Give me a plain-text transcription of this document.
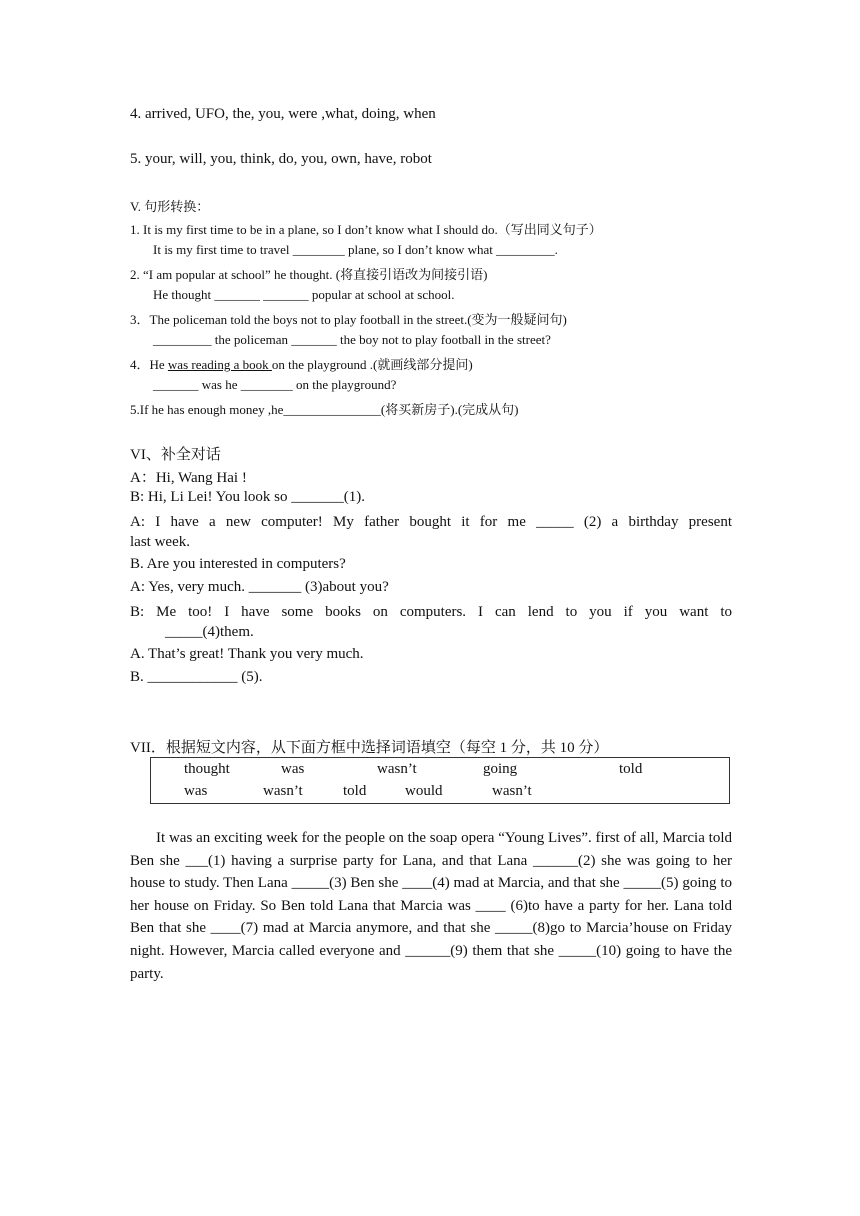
4. arrived, UFO, the, you, were ,what, doing, when
5. your, will, you, think, do, you, own, have, robot
V. 句形转换：
1. It is my first time to be in a plane, so I don’t know what I should do.（写出同义句子）
It is my first time to travel ________ plane, so I don’t know what _________.
2. “I am popular at school” he thought. (将直接引语改为间接引语)
He thought _______ _______ popular at school at school.
3．The policeman told the boys not to play football in the street.(变为一般疑问句)
_________ the policeman _______ the boy not to play football in the street?
4．He was reading a book on the playground .(就画线部分提问)
_______ was he ________ on the playground?
5.If he has enough money ,he_______________(将买新房子).(完成从句)
VI、补全对话
A：Hi, Wang Hai !
B: Hi, Li Lei! You look so _______(1).
A: I have a new computer! My father bought it for me _____ (2) a birthday present
last week.
B. Are you interested in computers?
A: Yes, very much. _______ (3)about you?
B: Me too! I have some books on computers. I can lend to you if you want to
_____(4)them.
A. That’s great! Thank you very much.
B. ____________ (5).
VII．根据短文内容，从下面方框中选择词语填空（每空 1 分，共 10 分）
thought	was	wasn’t	going	told
was	wasn’t	told	would	wasn’t
It was an exciting week for the people on the soap opera “Young Lives”. first of all, Marcia told Ben she ___(1) having a surprise party for Lana, and that Lana ______(2) she was going to her house to study. Then Lana _____(3) Ben she ____(4) mad at Marcia, and that she _____(5) going to her house on Friday. So Ben told Lana that Marcia was ____ (6)to have a party for her. Lana told Ben that she ____(7) mad at Marcia anymore, and that she _____(8)go to Marcia’house on Friday night. However, Marcia called everyone and ______(9) them that she _____(10) going to have the party.
